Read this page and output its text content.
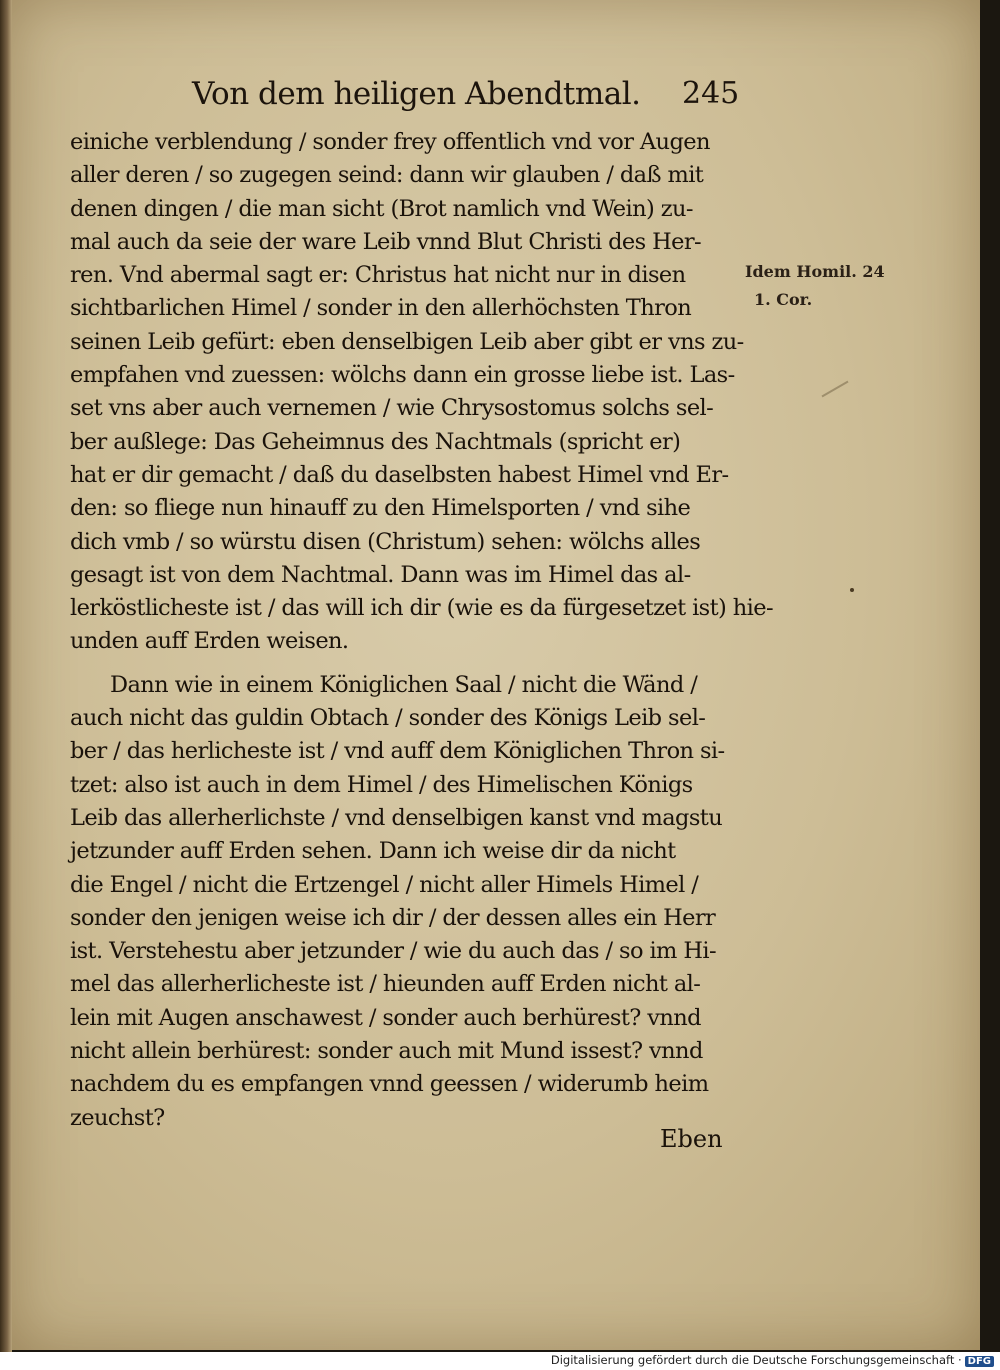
Von dem heiligen Abendtmal. 245
Idem Homil. 24
1. Cor.
einiche verblendung / sonder frey offentlich vnd vor Augen
aller deren / so zugegen seind: dann wir glauben / daß mit
denen dingen / die man sicht (Brot namlich vnd Wein) zu-
mal auch da seie der ware Leib vnnd Blut Christi des Her-
ren. Vnd abermal sagt er: Christus hat nicht nur in disen
sichtbarlichen Himel / sonder in den allerhöchsten Thron
seinen Leib gefürt: eben denselbigen Leib aber gibt er vns zu-
empfahen vnd zuessen: wölchs dann ein grosse liebe ist. Las-
set vns aber auch vernemen / wie Chrysostomus solchs sel-
ber außlege: Das Geheimnus des Nachtmals (spricht er)
hat er dir gemacht / daß du daselbsten habest Himel vnd Er-
den: so fliege nun hinauff zu den Himelsporten / vnd sihe
dich vmb / so würstu disen (Christum) sehen: wölchs alles
gesagt ist von dem Nachtmal. Dann was im Himel das al-
lerköstlicheste ist / das will ich dir (wie es da fürgesetzet ist) hie-
unden auff Erden weisen.
Dann wie in einem Königlichen Saal / nicht die Wänd /
auch nicht das guldin Obtach / sonder des Königs Leib sel-
ber / das herlicheste ist / vnd auff dem Königlichen Thron si-
tzet: also ist auch in dem Himel / des Himelischen Königs
Leib das allerherlichste / vnd denselbigen kanst vnd magstu
jetzunder auff Erden sehen. Dann ich weise dir da nicht
die Engel / nicht die Ertzengel / nicht aller Himels Himel /
sonder den jenigen weise ich dir / der dessen alles ein Herr
ist. Verstehestu aber jetzunder / wie du auch das / so im Hi-
mel das allerherlicheste ist / hieunden auff Erden nicht al-
lein mit Augen anschawest / sonder auch berhürest? vnnd
nicht allein berhürest: sonder auch mit Mund issest? vnnd
nachdem du es empfangen vnnd geessen / widerumb heim
zeuchst?
Eben
Digitalisierung gefördert durch die Deutsche Forschungsgemeinschaft · DFG
